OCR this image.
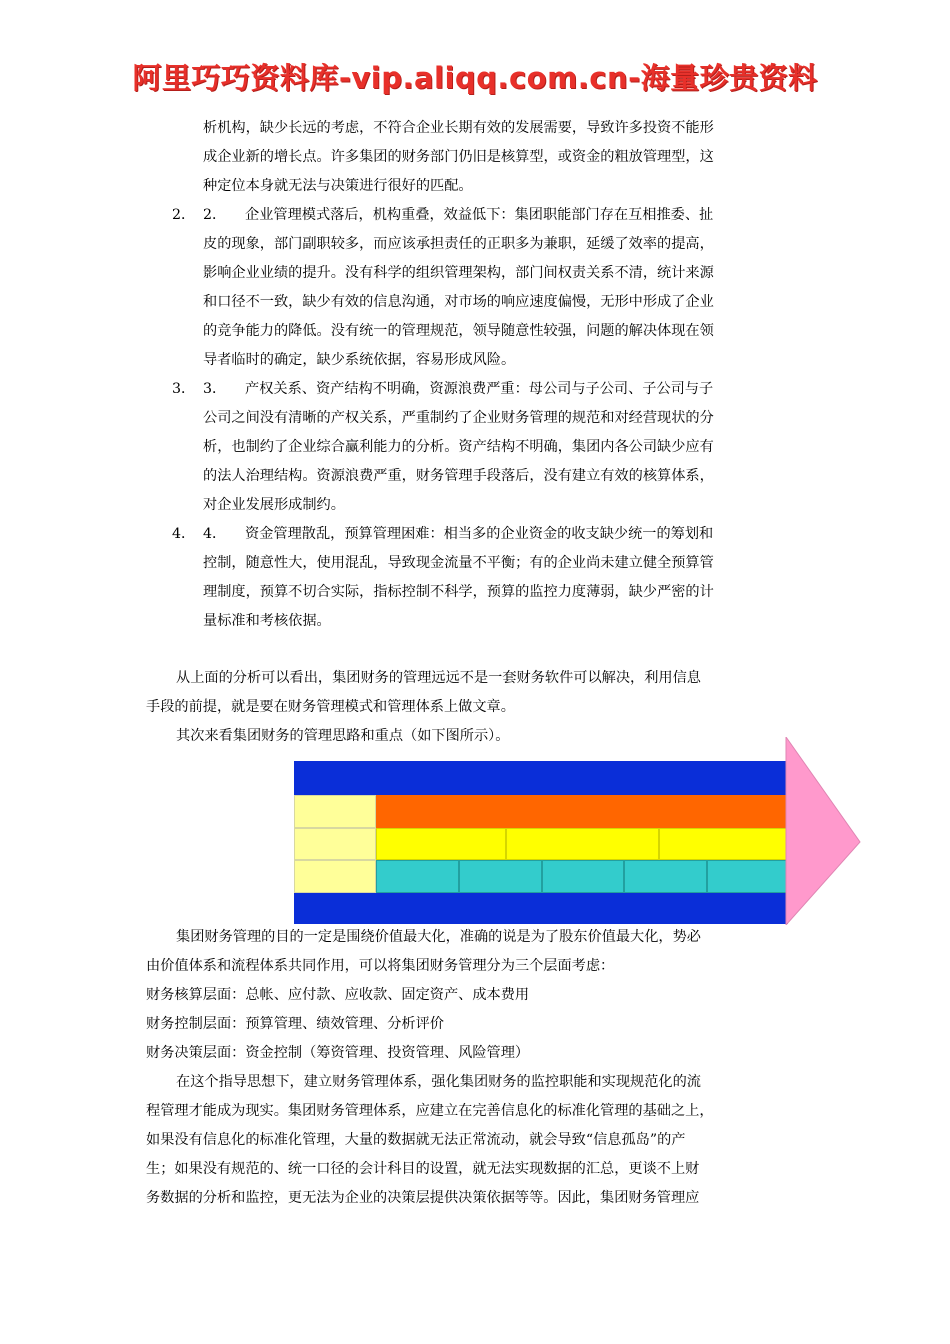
阿里巧巧资料库-vip.aliqq.com.cn-海量珍贵资料
析机构，缺少长远的考虑，不符合企业长期有效的发展需要，导致许多投资不能形
成企业新的增长点。许多集团的财务部门仍旧是核算型，或资金的粗放管理型，这
种定位本身就无法与决策进行很好的匹配。
2． 2． 企业管理模式落后，机构重叠，效益低下：集团职能部门存在互相推委、扯
皮的现象，部门副职较多，而应该承担责任的正职多为兼职，延缓了效率的提高，
影响企业业绩的提升。没有科学的组织管理架构，部门间权责关系不清，统计来源
和口径不一致，缺少有效的信息沟通，对市场的响应速度偏慢，无形中形成了企业
的竞争能力的降低。没有统一的管理规范，领导随意性较强，问题的解决体现在领
导者临时的确定，缺少系统依据，容易形成风险。
3． 3． 产权关系、资产结构不明确，资源浪费严重：母公司与子公司、子公司与子
公司之间没有清晰的产权关系，严重制约了企业财务管理的规范和对经营现状的分
析，也制约了企业综合赢利能力的分析。资产结构不明确，集团内各公司缺少应有
的法人治理结构。资源浪费严重，财务管理手段落后，没有建立有效的核算体系，
对企业发展形成制约。
4． 4． 资金管理散乱，预算管理困难：相当多的企业资金的收支缺少统一的筹划和
控制，随意性大，使用混乱，导致现金流量不平衡；有的企业尚未建立健全预算管
理制度，预算不切合实际，指标控制不科学，预算的监控力度薄弱，缺少严密的计
量标准和考核依据。
从上面的分析可以看出，集团财务的管理远远不是一套财务软件可以解决，利用信息
手段的前提，就是要在财务管理模式和管理体系上做文章。
其次来看集团财务的管理思路和重点（如下图所示）。
集团财务管理的目的一定是围绕价值最大化，准确的说是为了股东价值最大化，势必
由价值体系和流程体系共同作用，可以将集团财务管理分为三个层面考虑：
财务核算层面：总帐、应付款、应收款、固定资产、成本费用
财务控制层面：预算管理、绩效管理、分析评价
财务决策层面：资金控制（筹资管理、投资管理、风险管理）
在这个指导思想下，建立财务管理体系，强化集团财务的监控职能和实现规范化的流
程管理才能成为现实。集团财务管理体系，应建立在完善信息化的标准化管理的基础之上，
如果没有信息化的标准化管理，大量的数据就无法正常流动，就会导致“信息孤岛”的产
生；如果没有规范的、统一口径的会计科目的设置，就无法实现数据的汇总，更谈不上财
务数据的分析和监控，更无法为企业的决策层提供决策依据等等。因此，集团财务管理应
